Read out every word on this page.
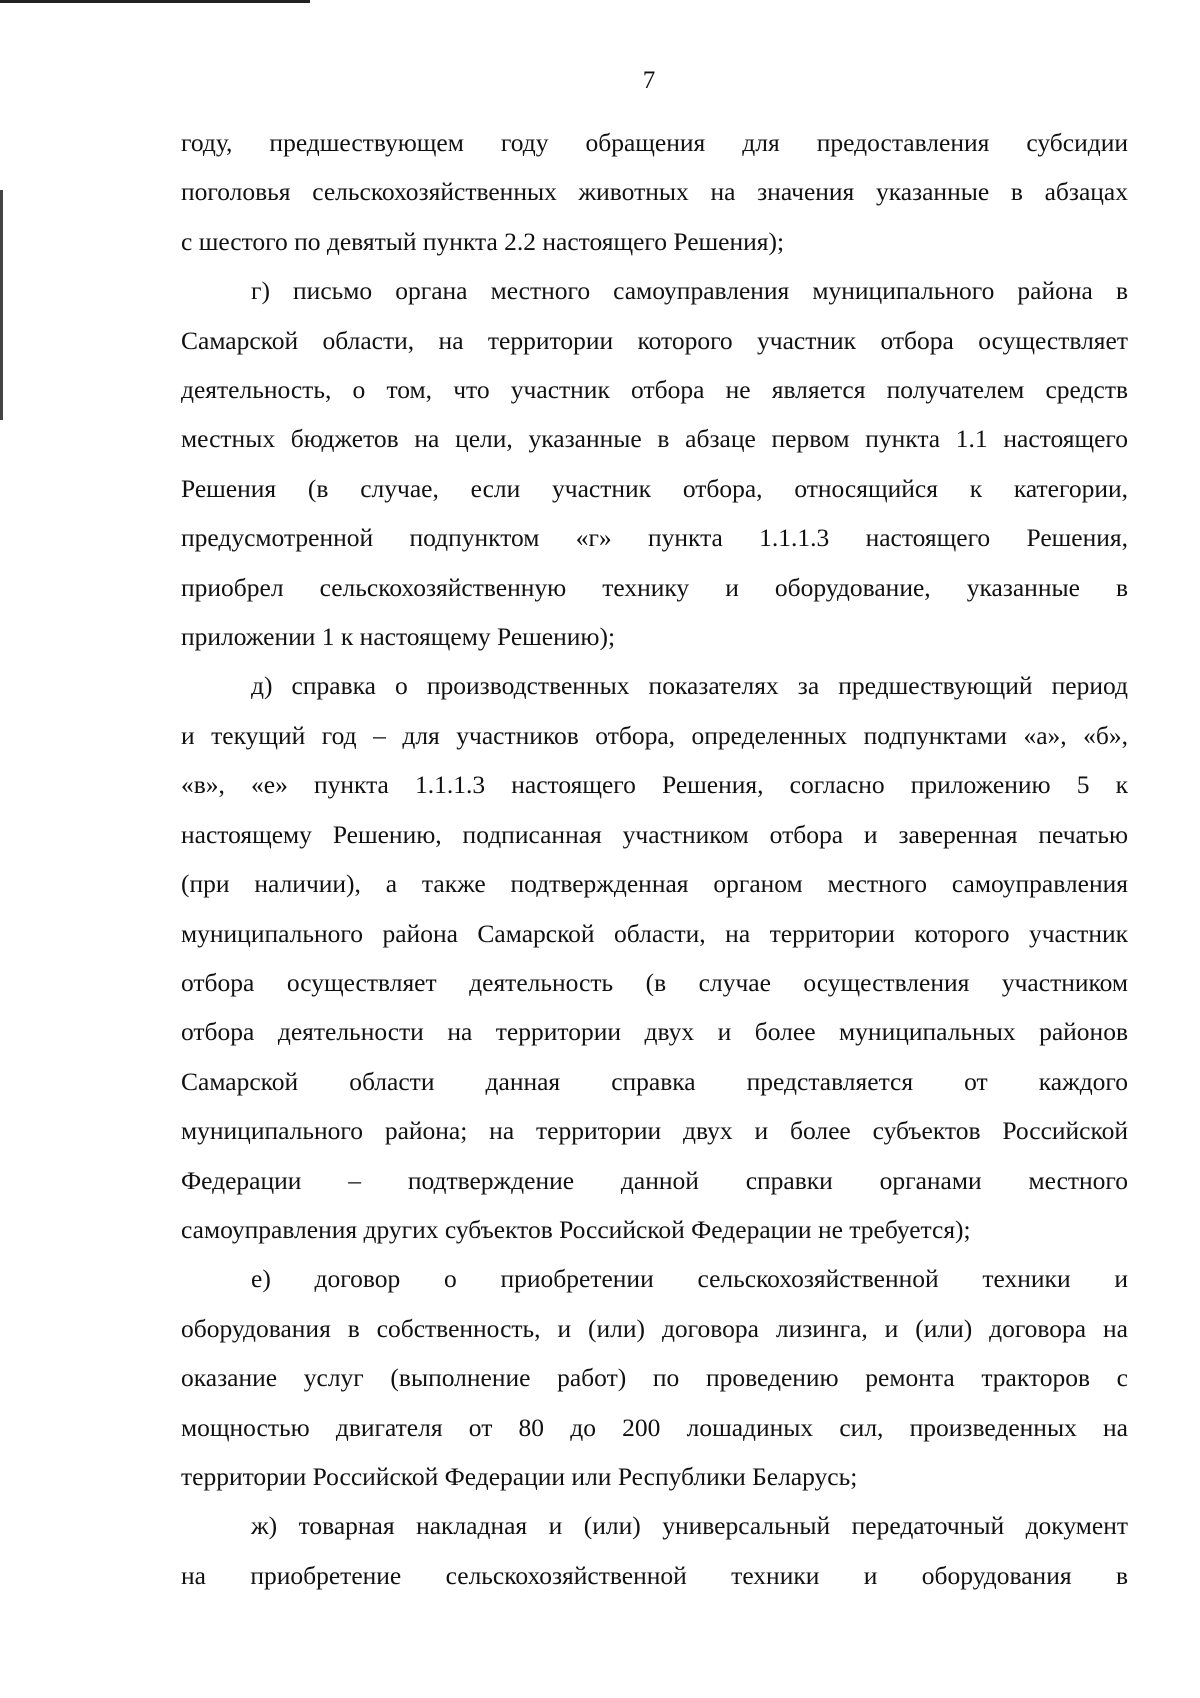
7

году, предшествующем году обращения для предоставления субсидии
поголовья сельскохозяйственных животных на значения указанные в абзацах
с шестого по девятый пункта 2.2 настоящего Решения);

г) письмо органа местного самоуправления муниципального района в
Самарской области, на территории которого участник отбора осуществляет
деятельность, о том, что участник отбора не является получателем средств
местных бюджетов на цели, указанные в абзаце первом пункта 1.1 настоящего
Решения (в случае, если участник отбора, относящийся к категории,
предусмотренной подпунктом «г» пункта 1.1.1.3 настоящего Решения,
приобрел сельскохозяйственную технику и оборудование, указанные в
приложении 1 к настоящему Решению);

д) справка о производственных показателях за предшествующий период
и текущий год – для участников отбора, определенных подпунктами «а», «б»,
«в», «е» пункта 1.1.1.3 настоящего Решения, согласно приложению 5 к
настоящему Решению, подписанная участником отбора и заверенная печатью
(при наличии), а также подтвержденная органом местного самоуправления
муниципального района Самарской области, на территории которого участник
отбора осуществляет деятельность (в случае осуществления участником
отбора деятельности на территории двух и более муниципальных районов
Самарской области данная справка представляется от каждого
муниципального района; на территории двух и более субъектов Российской
Федерации – подтверждение данной справки органами местного
самоуправления других субъектов Российской Федерации не требуется);

е) договор о приобретении сельскохозяйственной техники и
оборудования в собственность, и (или) договора лизинга, и (или) договора на
оказание услуг (выполнение работ) по проведению ремонта тракторов с
мощностью двигателя от 80 до 200 лошадиных сил, произведенных на
территории Российской Федерации или Республики Беларусь;

ж) товарная накладная и (или) универсальный передаточный документ
на приобретение сельскохозяйственной техники и оборудования в
